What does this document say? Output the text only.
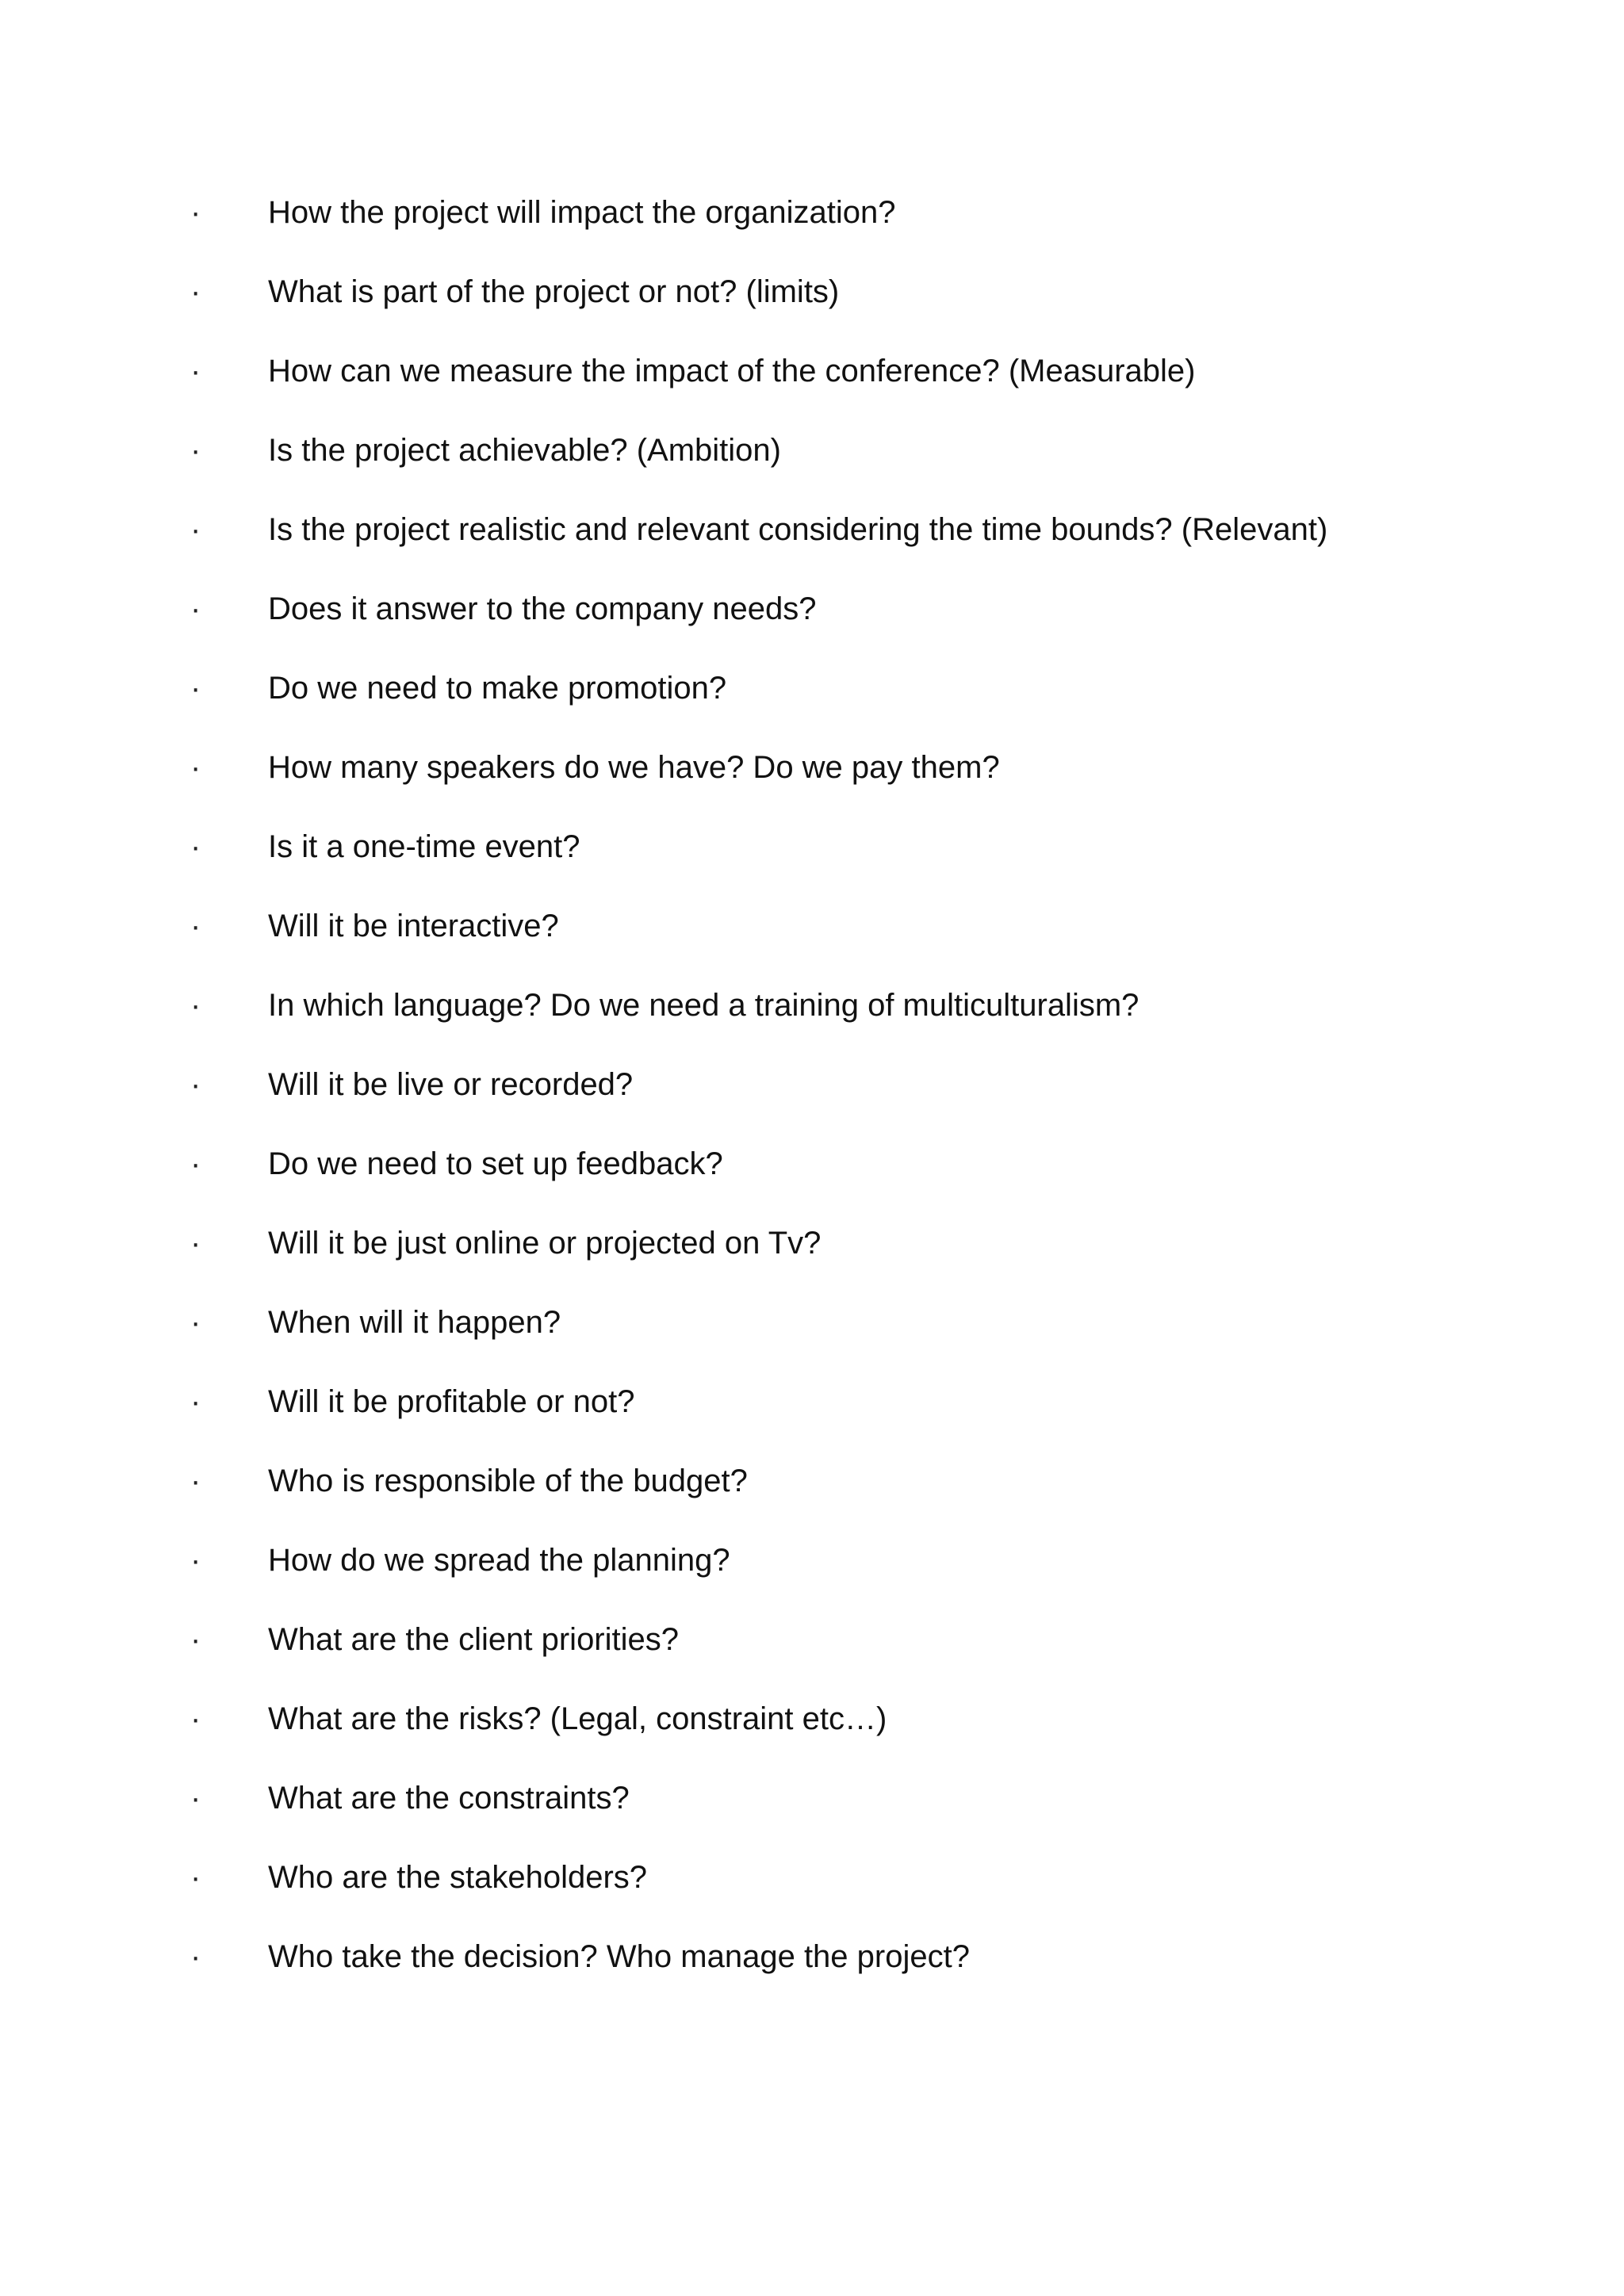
· How the project will impact the organization?
· What is part of the project or not? (limits)
· How can we measure the impact of the conference? (Measurable)
· Is the project achievable? (Ambition)
· Is the project realistic and relevant considering the time bounds? (Relevant)
· Does it answer to the company needs?
· Do we need to make promotion?
· How many speakers do we have? Do we pay them?
· Is it a one-time event?
· Will it be interactive?
· In which language? Do we need a training of multiculturalism?
· Will it be live or recorded?
· Do we need to set up feedback?
· Will it be just online or projected on Tv?
· When will it happen?
· Will it be profitable or not?
· Who is responsible of the budget?
· How do we spread the planning?
· What are the client priorities?
· What are the risks? (Legal, constraint etc…)
· What are the constraints?
· Who are the stakeholders?
· Who take the decision? Who manage the project?
